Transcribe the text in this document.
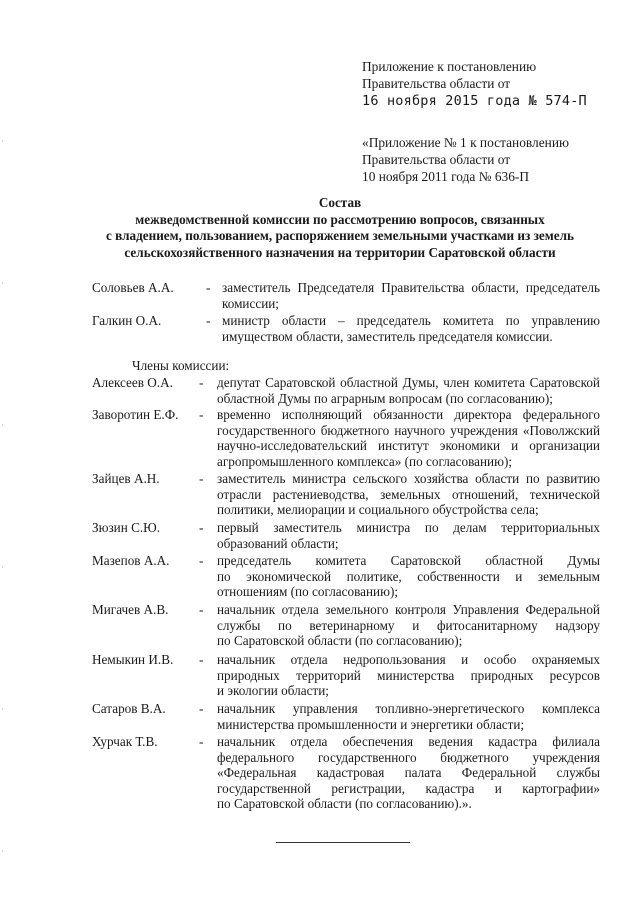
Приложение к постановлению
Правительства области от
16 ноября 2015 года № 574-П
«Приложение № 1 к постановлению
Правительства области от
10 ноября 2011 года № 636-П
Состав
межведомственной комиссии по рассмотрению вопросов, связанных
с владением, пользованием, распоряжением земельными участками из земель
сельскохозяйственного назначения на территории Саратовской области
Соловьев А.А. - заместитель Председателя Правительства области, председатель
комиссии;
Галкин О.А.	- министр области – председатель комитета по управлению
имуществом области, заместитель председателя комиссии.
Члены комиссии:
Алексеев О.А. - депутат Саратовской областной Думы, член комитета Саратовской
областной Думы по аграрным вопросам (по согласованию);
Заворотин Е.Ф. - временно исполняющий обязанности директора федерального
государственного бюджетного научного учреждения «Поволжский
научно-исследовательский институт экономики и организации
агропромышленного комплекса» (по согласованию);
Зайцев А.Н.	- заместитель министра сельского хозяйства области по развитию
отрасли растениеводства, земельных отношений, технической
политики, мелиорации и социального обустройства села;
Зюзин С.Ю.	- первый заместитель министра по делам территориальных
образований области;
Мазепов А.А. - председатель комитета Саратовской областной Думы
по экономической политике, собственности и земельным
отношениям (по согласованию);
Мигачев А.В. - начальник отдела земельного контроля Управления Федеральной
службы по ветеринарному и фитосанитарному надзору
по Саратовской области (по согласованию);
Немыкин И.В. - начальник отдела недропользования и особо охраняемых
природных территорий министерства природных ресурсов
и экологии области;
Сатаров В.А.	- начальник управления топливно-энергетического комплекса
министерства промышленности и энергетики области;
Хурчак Т.В.	- начальник отдела обеспечения ведения кадастра филиала
федерального государственного бюджетного учреждения
«Федеральная кадастровая палата Федеральной службы
государственной регистрации, кадастра и картографии»
по Саратовской области (по согласованию).».
